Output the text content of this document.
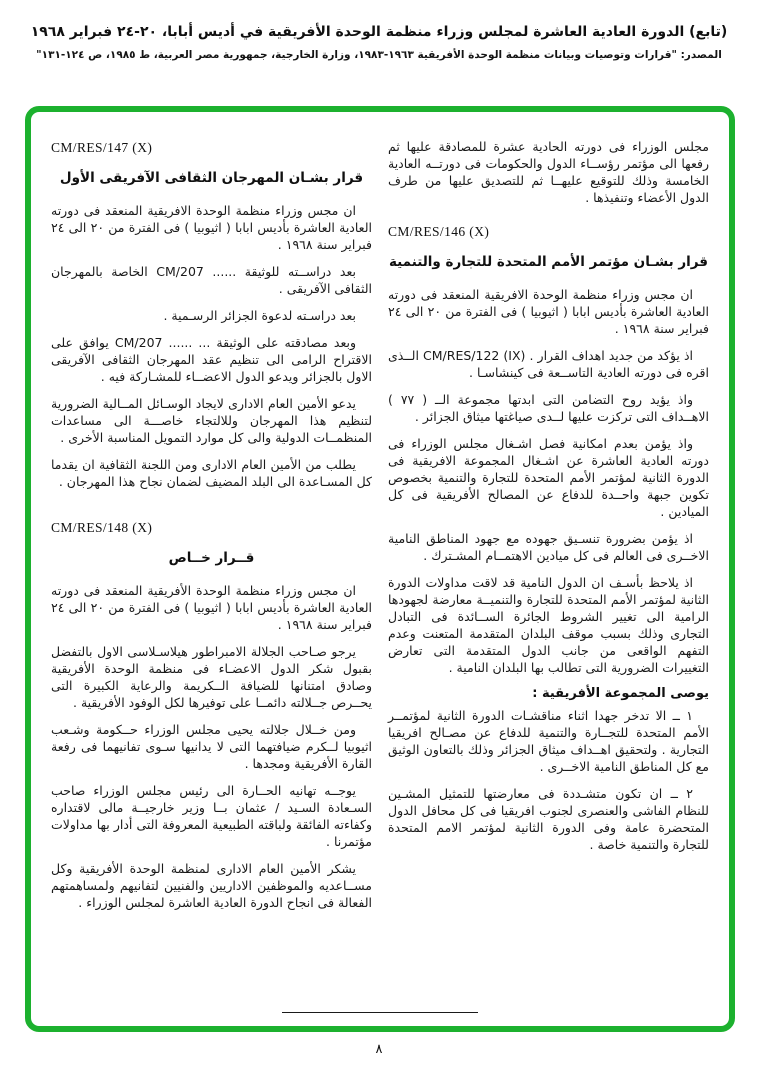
(تابع) الدورة العادية العاشرة لمجلس وزراء منظمة الوحدة الأفريقية في أديس أبابا، ٢٠-٢٤ فبراير ١٩٦٨
المصدر: "قرارات وتوصيات وبيانات منظمة الوحدة الأفريقية ١٩٦٣-١٩٨٣، وزارة الخارجية، جمهورية مصر العربية، ط ١٩٨٥، ص ١٢٤-١٣١"

مجلس الوزراء فى دورته الحادية عشرة للمصادقة عليها ثم رفعها الى مؤتمر رؤســاء الدول والحكومات فى دورتــه العادية الخامسة وذلك للتوقيع عليهــا ثم للتصديق عليها من طرف الدول الأعضاء وتنفيذها .

CM/RES/146 (X)
قرار بشـان مؤتمر الأمم المتحدة للتجارة والتنمية

ان مجس وزراء منظمة الوحدة الافريقية المنعقد فى دورته العادية العاشرة بأديس ابابا ( اثيوبيا ) فى الفترة من ٢٠ الى ٢٤ فبراير سنة ١٩٦٨ .

اذ يؤكد من جديد اهداف القرار . CM/RES/122 (IX) الــذى اقره فى دورته العادية التاســعة فى كينشاسـا .

واذ يؤيد روح التضامن التى ابدتها مجموعة الــ ( ٧٧ ) الاهــداف التى تركزت عليها لــدى صياغتها ميثاق الجزائر .

واذ يؤمن بعدم امكانية فصل اشـغال مجلس الوزراء فى دورته العادية العاشرة عن اشـغال المجموعة الافريقية فى الدورة الثانية لمؤتمر الأمم المتحدة للتجارة والتنمية بخصوص تكوين جبهة واحــدة للدفاع عن المصالح الأفريقية فى كل الميادين .

اذ يؤمن بضرورة تنسـيق جهوده مع جهود المناطق النامية الاخــرى فى العالم فى كل ميادين الاهتمــام المشـترك .

اذ يلاحظ بأسـف ان الدول النامية قد لاقت مداولات الدورة الثانية لمؤتمر الأمم المتحدة للتجارة والتنميــة معارضة لجهودها الرامية الى تغيير الشروط الجائرة الســائدة فى التبادل التجارى وذلك بسبب موقف البلدان المتقدمة المتعنت وعدم التفهم الواقعى من جانب الدول المتقدمة التى تعارض التغييرات الضرورية التى تطالب بها البلدان النامية .

يوصى المجموعة الأفريقية :

١ ــ الا تدخر جهدا اثناء مناقشـات الدورة الثانية لمؤتمــر الأمم المتحدة للتجــارة والتنمية للدفاع عن مصـالح افريقيا التجارية . ولتحقيق اهــداف ميثاق الجزائر وذلك بالتعاون الوثيق مع كل المناطق النامية الاخــرى .

٢ ــ ان تكون متشـددة فى معارضتها للتمثيل المشـين للنظام الفاشى والعنصرى لجنوب افريقيا فى كل محافل الدول المتحضرة عامة وفى الدورة الثانية لمؤتمر الامم المتحدة للتجارة والتنمية خاصة .

CM/RES/147 (X)
قرار بشـان المهرجان الثقافى الآفريقى الأول

ان مجس وزراء منظمة الوحدة الافريقية المنعقد فى دورته العادية العاشرة بأديس ابابا ( اثيوبيا ) فى الفترة من ٢٠ الى ٢٤ فبراير سنة ١٩٦٨ .

بعد دراســته للوثيقة ...... CM/207 الخاصة بالمهرجان الثقافى الآفريقى .

بعد دراسـته لدعوة الجزائر الرسـمية .

وبعد مصادقته على الوثيقة ... ...... CM/207 يوافق على الاقتراح الرامى الى تنظيم عقد المهرجان الثقافى الآفريقى الاول بالجزائر ويدعو الدول الاعضــاء للمشـاركة فيه .

يدعو الأمين العام الادارى لايجاد الوسـائل المــالية الضرورية لتنظيم هذا المهرجان وللالتجاء خاصـــة الى مساعدات المنظمــات الدولية والى كل موارد التمويل المناسبة الأخرى .

يطلب من الأمين العام الادارى ومن اللجنة الثقافية ان يقدما كل المسـاعدة الى البلد المضيف لضمان نجاح هذا المهرجان .

CM/RES/148 (X)
قــرار خــاص

ان مجس وزراء منظمة الوحدة الأفريقية المنعقد فى دورته العادية العاشرة بأديس ابابا ( اثيوبيا ) فى الفترة من ٢٠ الى ٢٤ فبراير سنة ١٩٦٨ .

يرجو صـاحب الجلالة الامبراطور هيلاسـلاسى الاول بالتفضل بقبول شكر الدول الاعضـاء فى منظمة الوحدة الأفريقية وصادق امتنانها للضيافة الــكريمة والرعاية الكبيرة التى يحــرص جــلالته دائمــا على توفيرها لكل الوفود الأفريقية .

ومن خــلال جلالته يحيى مجلس الوزراء حــكومة وشـعب اثيوبيا لــكرم ضيافتهما التى لا يدانيها سـوى تفانيهما فى رفعة القارة الأفريقية ومجدها .

يوجــه تهانيه الحــارة الى رئيس مجلس الوزراء صاحب السـعادة السـيد / عثمان بــا وزير خارجيــة مالى لاقتداره وكفاءته الفائقة ولباقته الطبيعية المعروفة التى أدار بها مداولات مؤتمرنا .

يشكر الأمين العام الادارى لمنظمة الوحدة الأفريقية وكل مســاعديه والموظفين الاداريين والفنيين لتفانيهم ولمساهمتهم الفعالة فى انجاح الدورة العادية العاشرة لمجلس الوزراء .

٨
